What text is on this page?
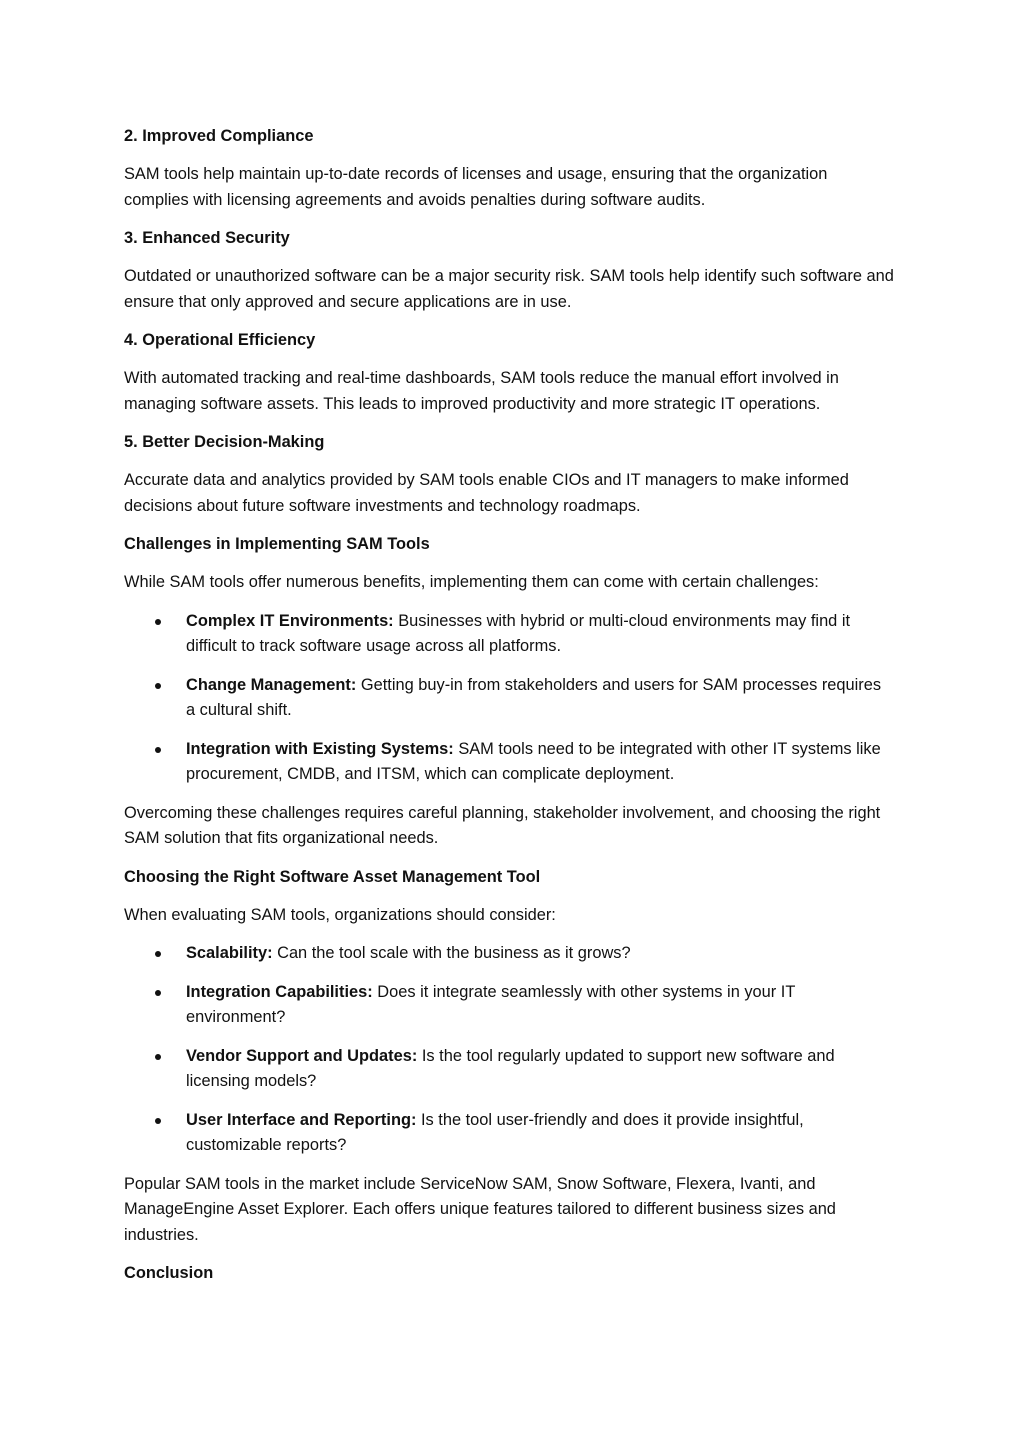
2. Improved Compliance

SAM tools help maintain up-to-date records of licenses and usage, ensuring that the organization complies with licensing agreements and avoids penalties during software audits.

3. Enhanced Security

Outdated or unauthorized software can be a major security risk. SAM tools help identify such software and ensure that only approved and secure applications are in use.

4. Operational Efficiency

With automated tracking and real-time dashboards, SAM tools reduce the manual effort involved in managing software assets. This leads to improved productivity and more strategic IT operations.

5. Better Decision-Making

Accurate data and analytics provided by SAM tools enable CIOs and IT managers to make informed decisions about future software investments and technology roadmaps.

Challenges in Implementing SAM Tools

While SAM tools offer numerous benefits, implementing them can come with certain challenges:

Complex IT Environments: Businesses with hybrid or multi-cloud environments may find it difficult to track software usage across all platforms.
Change Management: Getting buy-in from stakeholders and users for SAM processes requires a cultural shift.
Integration with Existing Systems: SAM tools need to be integrated with other IT systems like procurement, CMDB, and ITSM, which can complicate deployment.

Overcoming these challenges requires careful planning, stakeholder involvement, and choosing the right SAM solution that fits organizational needs.

Choosing the Right Software Asset Management Tool

When evaluating SAM tools, organizations should consider:

Scalability: Can the tool scale with the business as it grows?
Integration Capabilities: Does it integrate seamlessly with other systems in your IT environment?
Vendor Support and Updates: Is the tool regularly updated to support new software and licensing models?
User Interface and Reporting: Is the tool user-friendly and does it provide insightful, customizable reports?

Popular SAM tools in the market include ServiceNow SAM, Snow Software, Flexera, Ivanti, and ManageEngine Asset Explorer. Each offers unique features tailored to different business sizes and industries.

Conclusion
